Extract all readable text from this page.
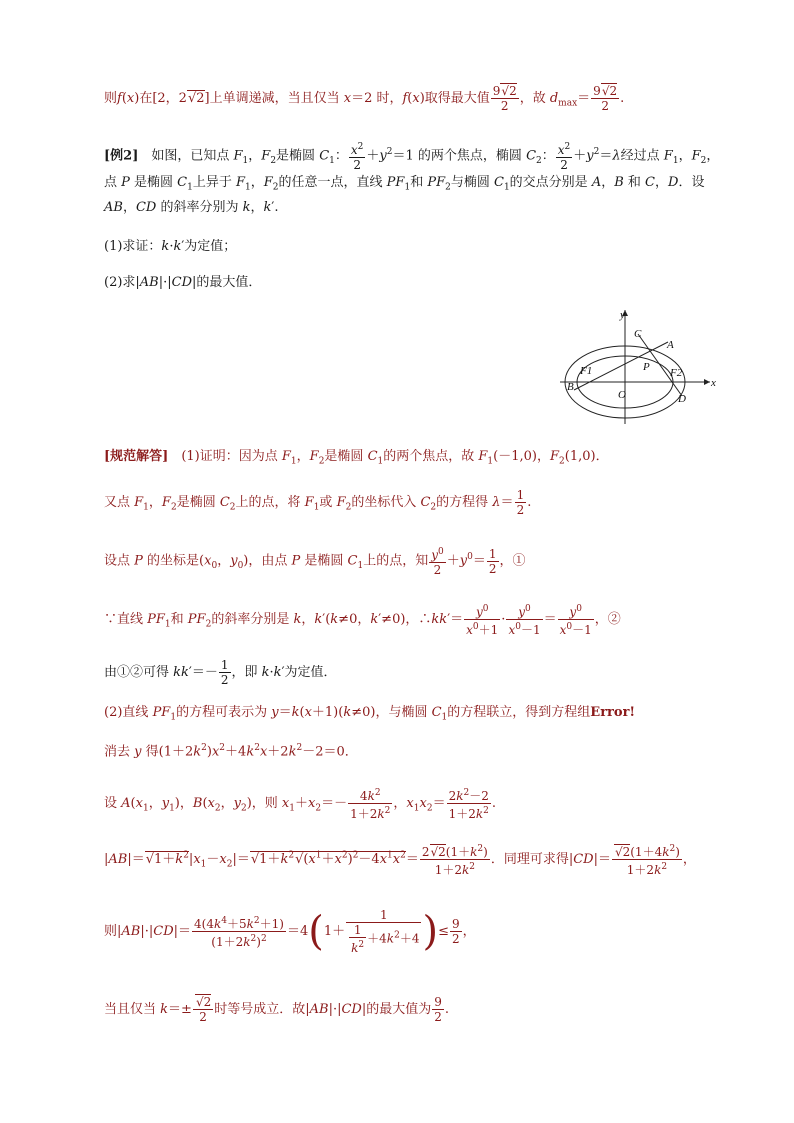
则f(x)在[2，2√2]上单调递减，当且仅当 x＝2 时，f(x)取得最大值 $\frac{9√2}{2}$ ，故 $d_{max}= \frac{9√2}{2}$ .
[例2]　如图，已知点 $F_1$，$F_2$是椭圆 $C_1$： $\frac{x^2}{2} +y^2=1$ 的两个焦点，椭圆 $C_2$： $\frac{x^2}{2} +y^2=\lambda$经过点 $F_1$，$F_2$，
点 P 是椭圆 $C_1$上异于 $F_1$，$F_2$的任意一点，直线 $PF_1$和 $PF_2$与椭圆 $C_1$的交点分别是 A，B 和 C，D．设
AB，CD 的斜率分别为 k，k′.
(1)求证：k·k′为定值；
(2)求|AB|·|CD|的最大值．
y
x
O
C
A
P
F1	F2
B
D
[规范解答]　(1)证明：因为点 $F_1$，$F_2$是椭圆 $C_1$的两个焦点，故 $F_1(-1,0)$，$F_2(1,0)$．
又点 $F_1$，$F_2$是椭圆 $C_2$上的点，将 $F_1$或 $F_2$的坐标代入 $C_2$的方程得 $\lambda= \frac{1}{2}$ .
设点 P 的坐标是($x_0$，$y_0$)，由点 P 是椭圆 $C_1$上的点，知 $\frac{y^0}{2} +y^0= \frac{1}{2}$ ，①
∵直线 $PF_1$和 $PF_2$的斜率分别是 k，k′(k≠0，k′≠0)，∴kk′＝ $\frac{y^0}{x^0+1} \cdot \frac{y^0}{x^0-1} = \frac{y^0}{x^0-1}$ ，②
由①②可得 $kk'=- \frac{1}{2}$ ，即 k·k′为定值．
(2)直线 $PF_1$的方程可表示为 y＝k(x＋1)(k≠0)，与椭圆 $C_1$的方程联立，得到方程组Error!
消去 y 得$(1+2k^2)x^2+4k^2x+2k^2-2=0$．
设 $A(x_1$，$y_1$)，$B(x_2$，$y_2$)，则 $x_1+x_2=- \frac{4k^2}{1+2k^2}$ ，$x_1x_2= \frac{2k^2-2}{1+2k^2}$ .
$|AB|=√1+k^2|x_1-x_2|=√1+k^2√(x^1+x^2)^2-4x^1x^2= \frac{2√2(1+k^2)}{1+2k^2}$ ．同理可求得$|CD|= \frac{√2(1+4k^2)}{1+2k^2}$ ，
则$|AB|\cdot|CD|= \frac{4(4k^4+5k^2+1)}{(1+2k^2)^2} =4(1+ \frac{1}{\frac{1}{k^2} +4k^2+4}$ )≤ $\frac{9}{2}$ ，
当且仅当 $k=\pm \frac{√2}{2}$ 时等号成立．故|AB|·|CD|的最大值为 $\frac{9}{2}$ .
